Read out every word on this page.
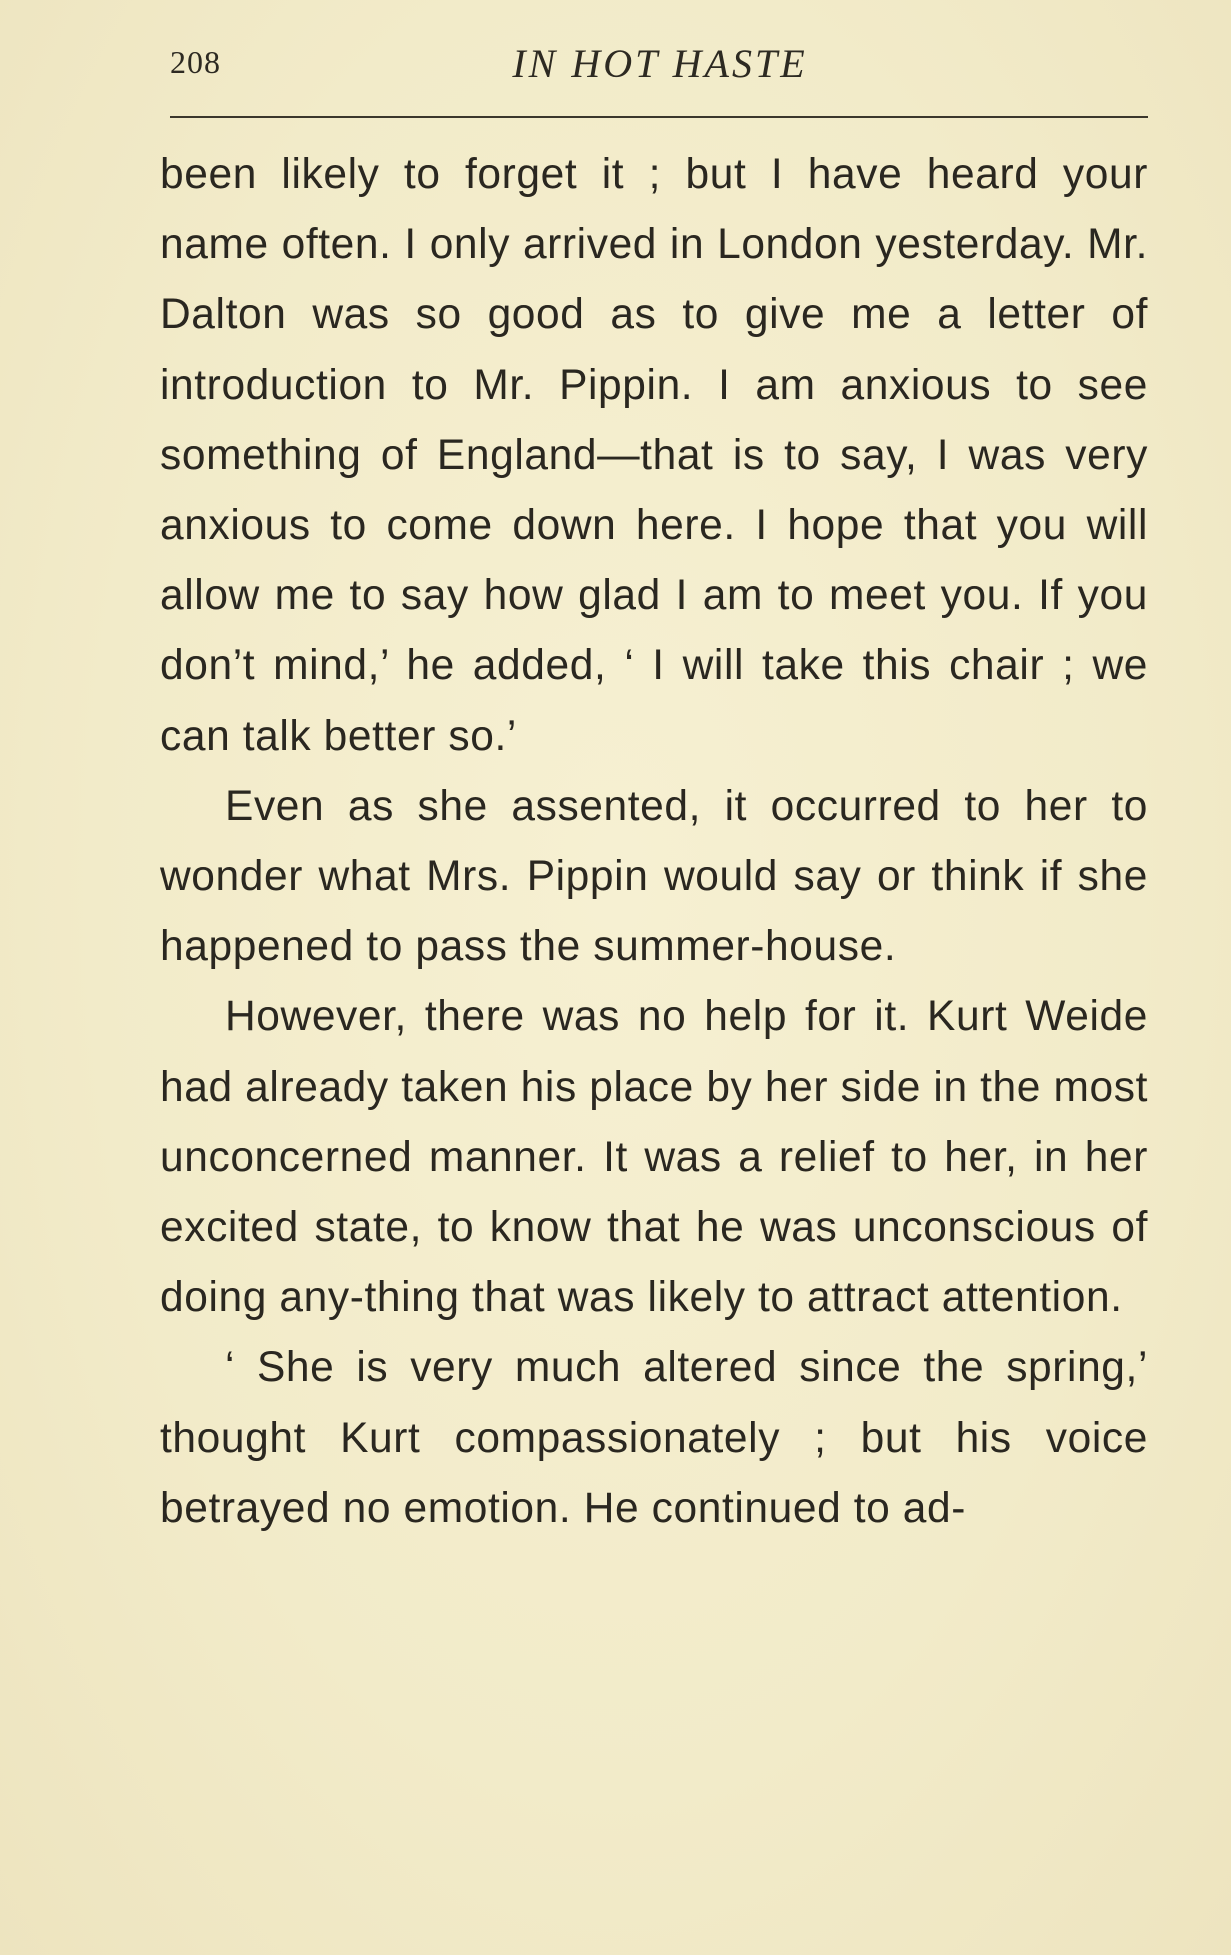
208	IN HOT HASTE

been likely to forget it ; but I have heard your name often. I only arrived in London yesterday. Mr. Dalton was so good as to give me a letter of introduction to Mr. Pippin. I am anxious to see something of England—that is to say, I was very anxious to come down here. I hope that you will allow me to say how glad I am to meet you. If you don’t mind,’ he added, ‘ I will take this chair ; we can talk better so.’

Even as she assented, it occurred to her to wonder what Mrs. Pippin would say or think if she happened to pass the summer-house.

However, there was no help for it. Kurt Weide had already taken his place by her side in the most unconcerned manner. It was a relief to her, in her excited state, to know that he was unconscious of doing any-thing that was likely to attract attention.

‘ She is very much altered since the spring,’ thought Kurt compassionately ; but his voice betrayed no emotion. He continued to ad-
